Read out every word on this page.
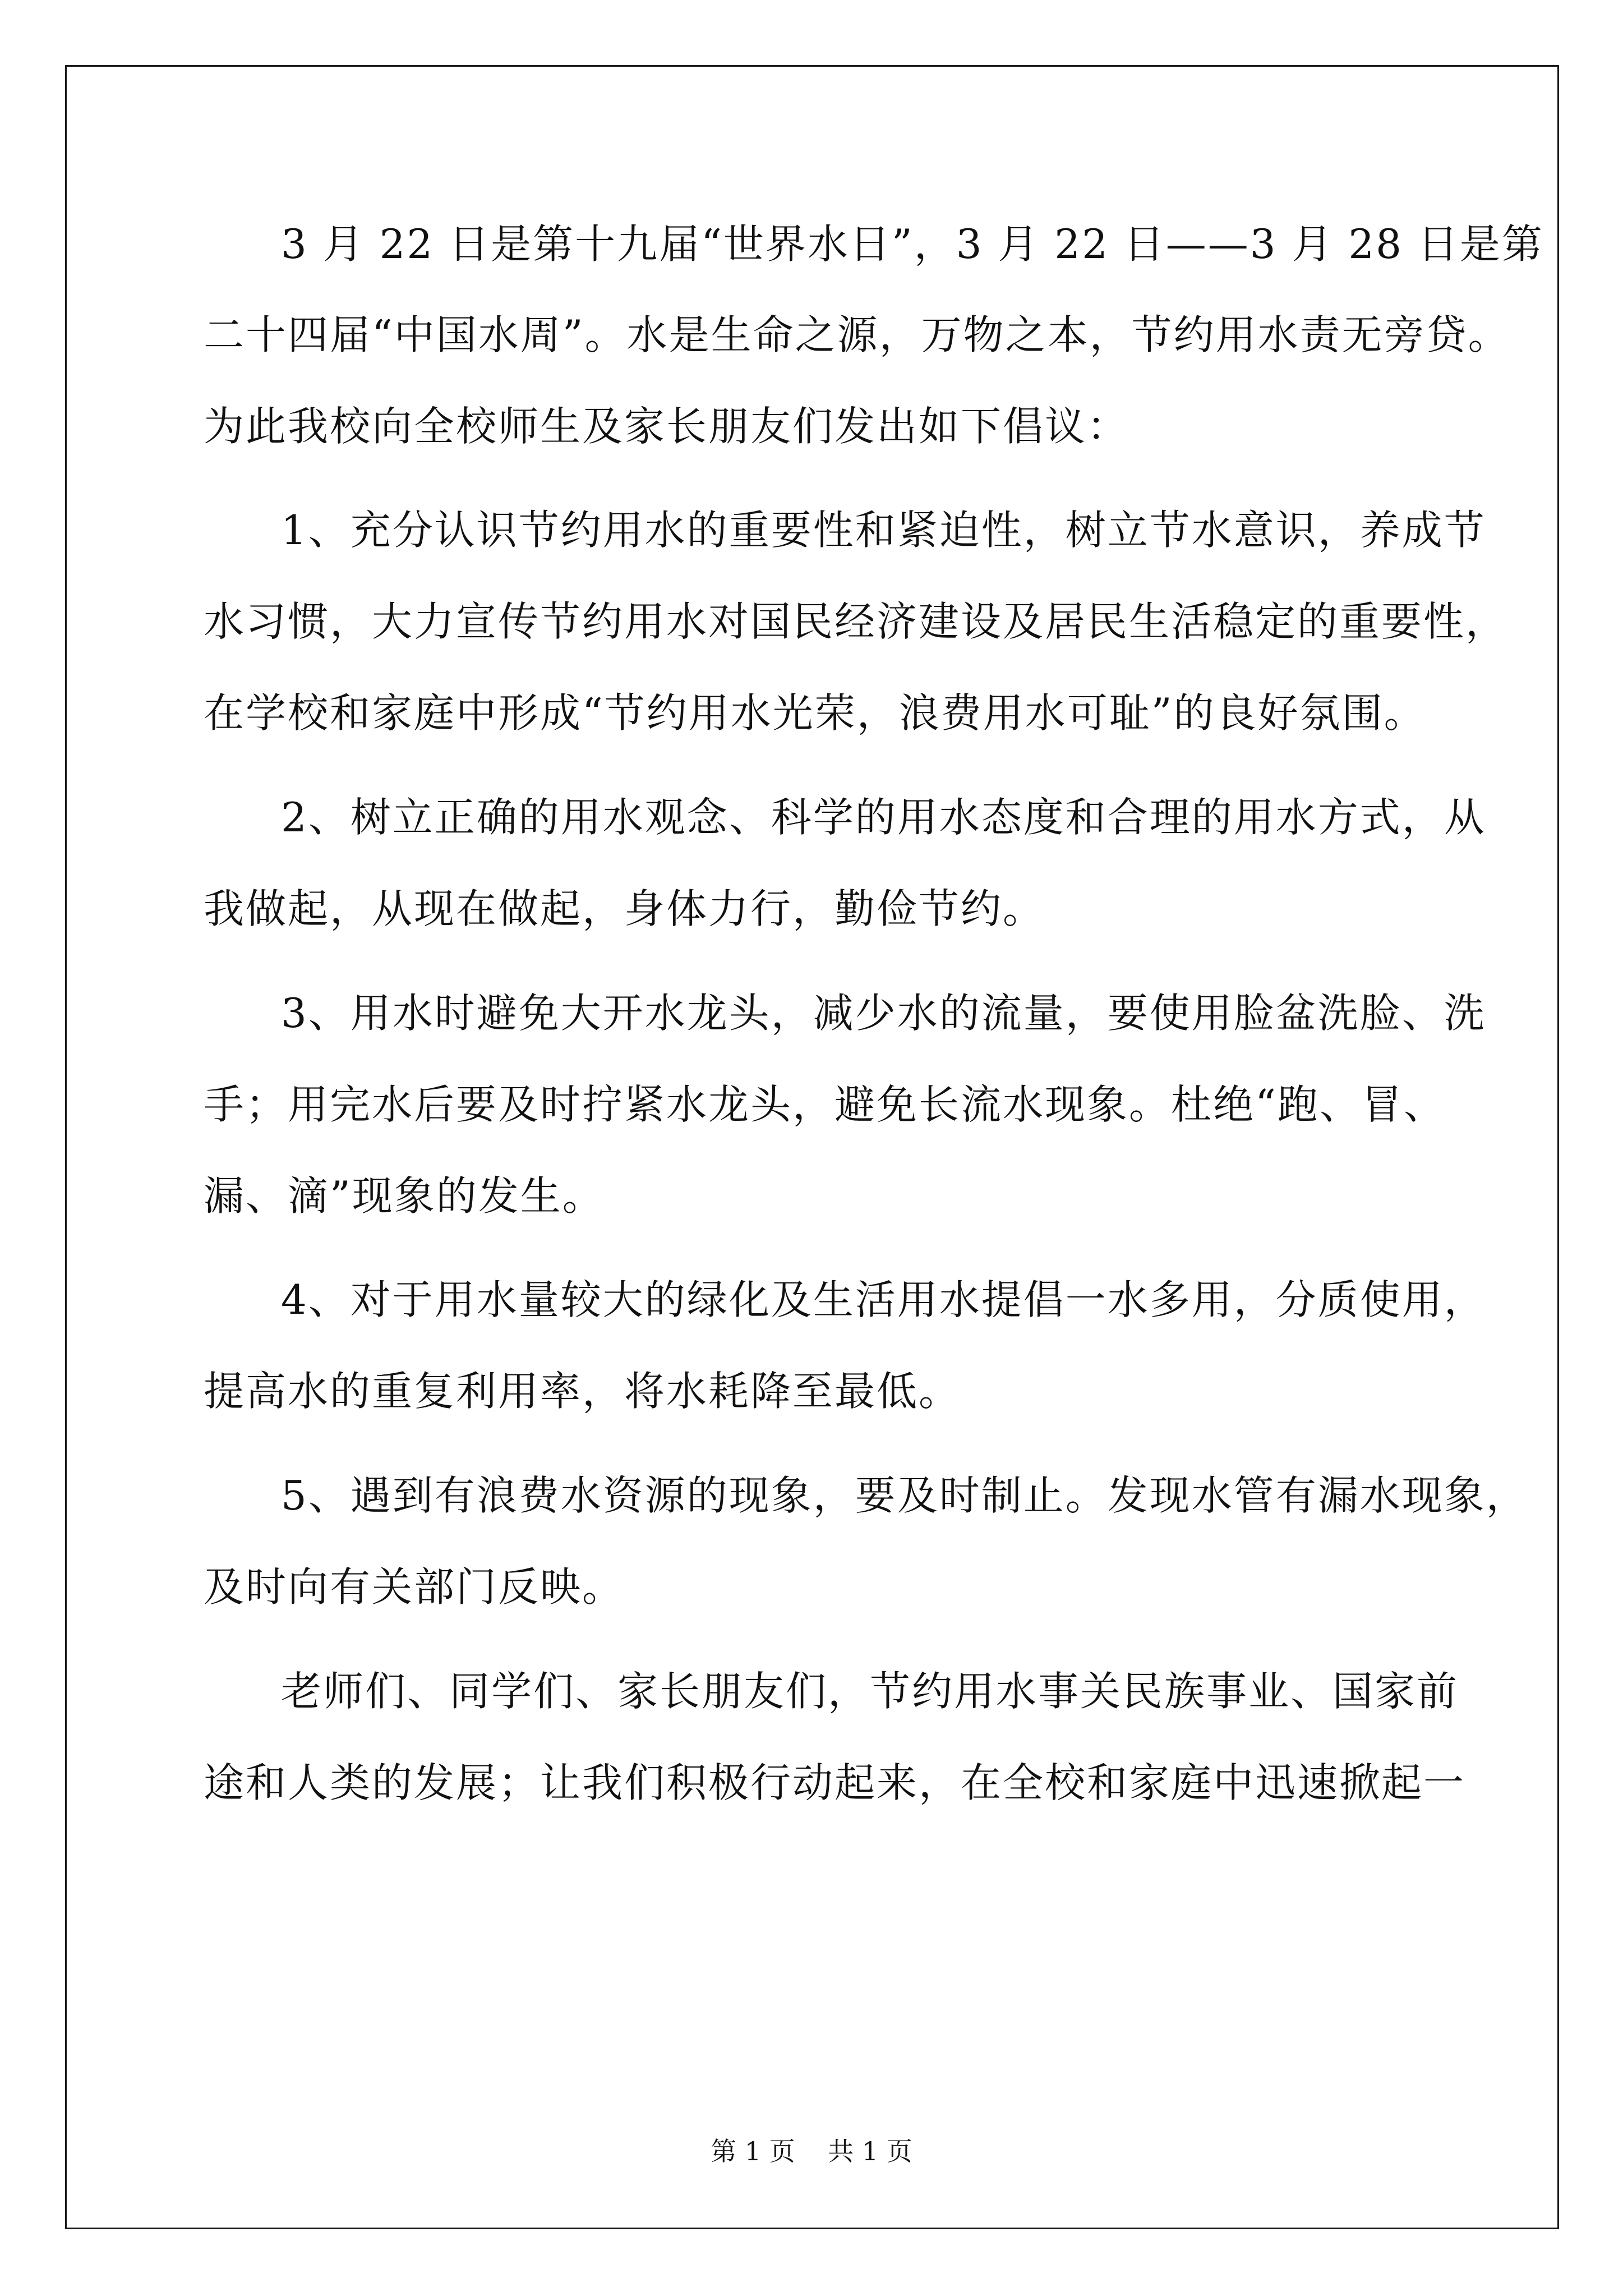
3 月 22 日是第十九届“世界水日”，3 月 22 日——3 月 28 日是第
二十四届“中国水周”。水是生命之源，万物之本，节约用水责无旁贷。
为此我校向全校师生及家长朋友们发出如下倡议：
1、充分认识节约用水的重要性和紧迫性，树立节水意识，养成节
水习惯，大力宣传节约用水对国民经济建设及居民生活稳定的重要性，
在学校和家庭中形成“节约用水光荣，浪费用水可耻”的良好氛围。
2、树立正确的用水观念、科学的用水态度和合理的用水方式，从
我做起，从现在做起，身体力行，勤俭节约。
3、用水时避免大开水龙头，减少水的流量，要使用脸盆洗脸、洗
手；用完水后要及时拧紧水龙头，避免长流水现象。杜绝“跑、冒、
漏、滴”现象的发生。
4、对于用水量较大的绿化及生活用水提倡一水多用，分质使用，
提高水的重复利用率，将水耗降至最低。
5、遇到有浪费水资源的现象，要及时制止。发现水管有漏水现象，
及时向有关部门反映。
老师们、同学们、家长朋友们，节约用水事关民族事业、国家前
途和人类的发展；让我们积极行动起来，在全校和家庭中迅速掀起一
第 1 页    共 1 页
